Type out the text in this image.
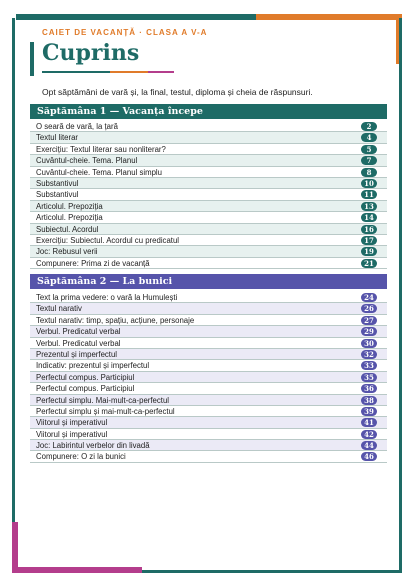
CAIET DE VACANȚĂ · CLASA A V-A
Cuprins
Opt săptămâni de vară și, la final, testul, diploma și cheia de răspunsuri.
Săptămâna 1 — Vacanța începe
O seară de vară, la țară	2
Textul literar	4
Exercițiu: Textul literar sau nonliterar?	5
Cuvântul-cheie. Tema. Planul	7
Cuvântul-cheie. Tema. Planul simplu	8
Substantivul	10
Substantivul	11
Articolul. Prepoziția	13
Articolul. Prepoziția	14
Subiectul. Acordul	16
Exercițiu: Subiectul. Acordul cu predicatul	17
Joc: Rebusul verii	19
Compunere: Prima zi de vacanță	21
Săptămâna 2 — La bunici
Text la prima vedere: o vară la Humulești	24
Textul narativ	26
Textul narativ: timp, spațiu, acțiune, personaje	27
Verbul. Predicatul verbal	29
Verbul. Predicatul verbal	30
Prezentul și imperfectul	32
Indicativ: prezentul și imperfectul	33
Perfectul compus. Participiul	35
Perfectul compus. Participiul	36
Perfectul simplu. Mai-mult-ca-perfectul	38
Perfectul simplu și mai-mult-ca-perfectul	39
Viitorul și imperativul	41
Viitorul și imperativul	42
Joc: Labirintul verbelor din livadă	44
Compunere: O zi la bunici	46
